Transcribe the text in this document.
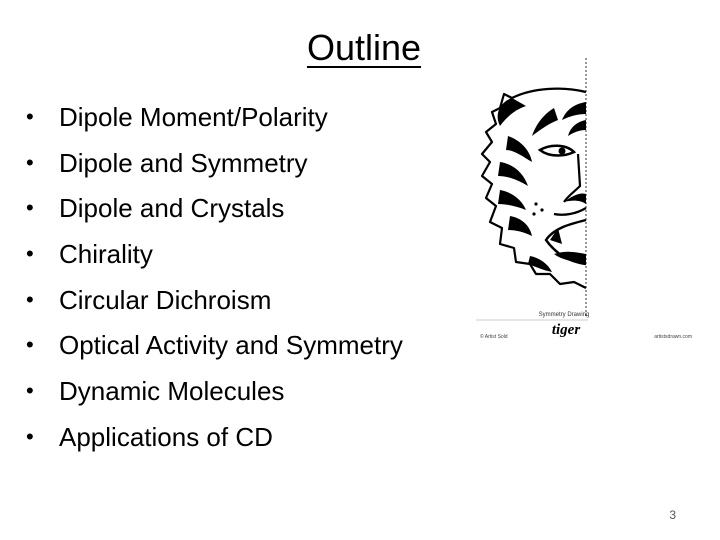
Outline
• Dipole Moment/Polarity
• Dipole and Symmetry
• Dipole and Crystals
• Chirality
• Circular Dichroism
• Optical Activity and Symmetry
• Dynamic Molecules
• Applications of CD
Symmetry Drawing
tiger
© Artist Sold	artistsdrawn.com
3
